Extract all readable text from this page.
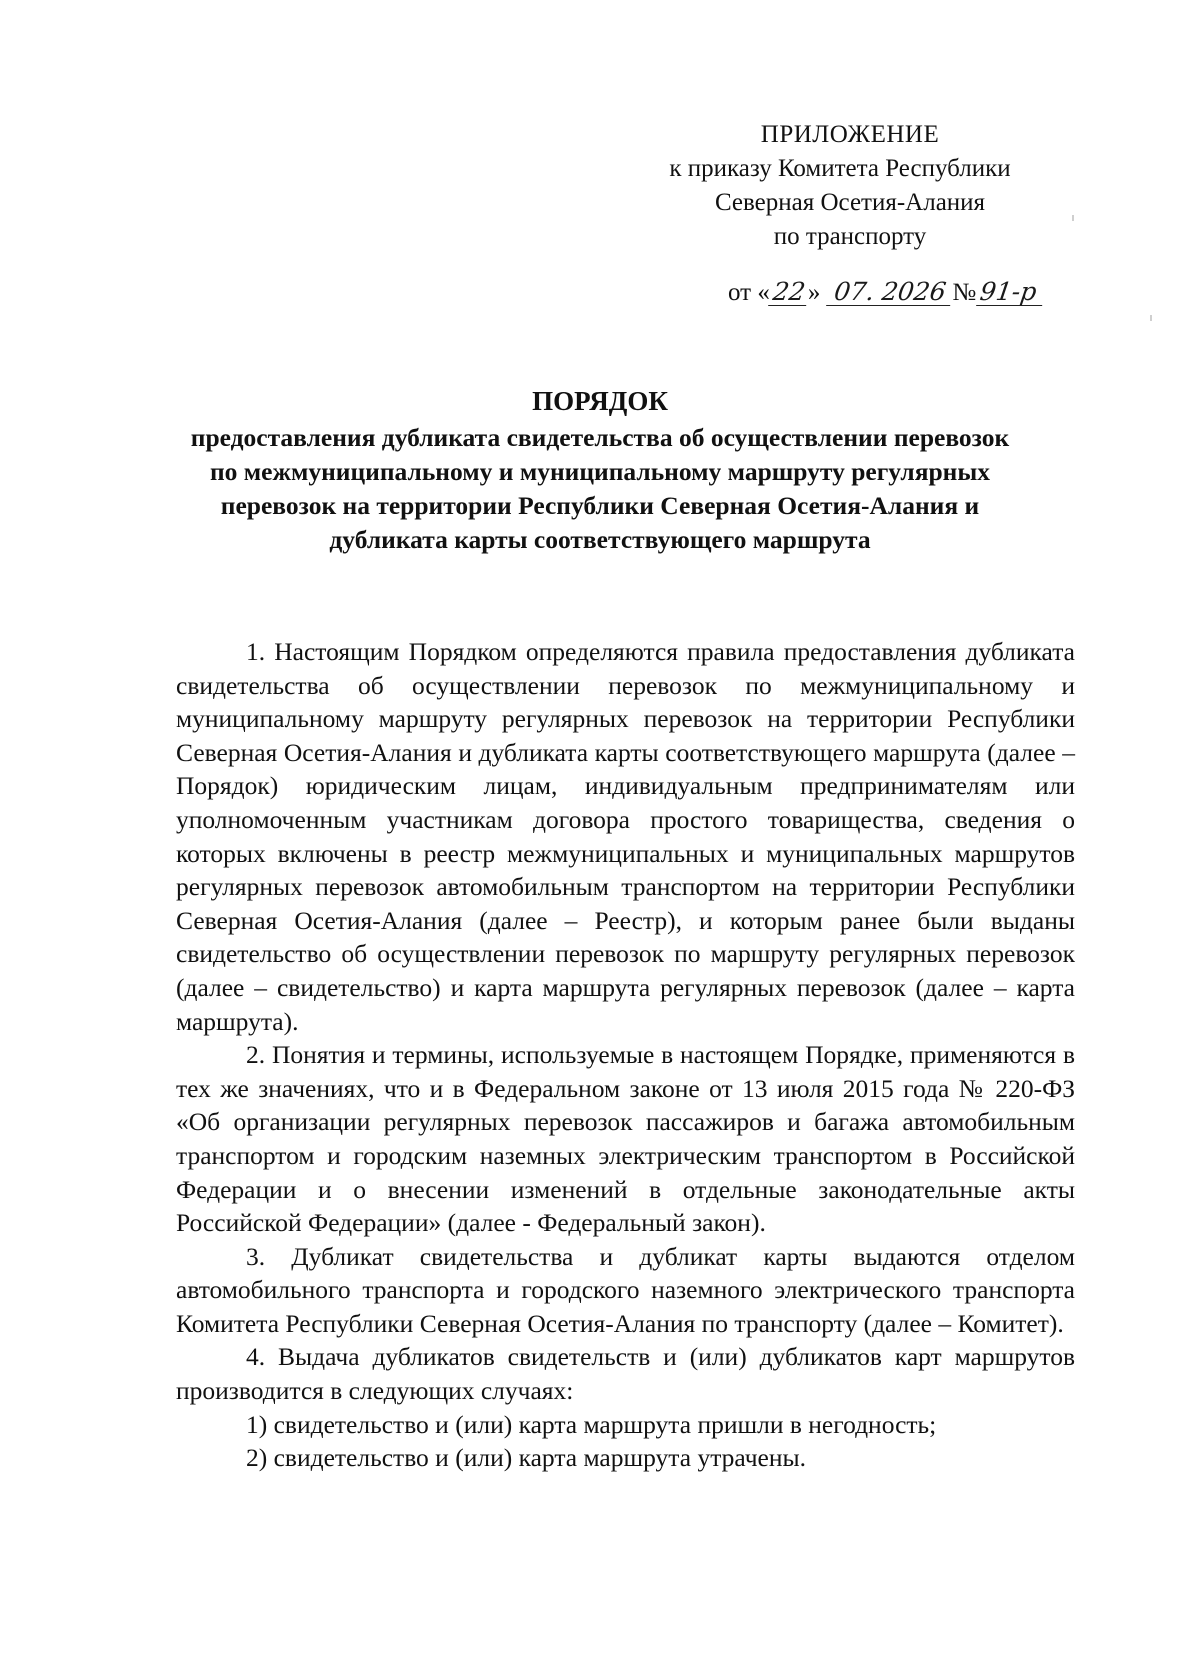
ПРИЛОЖЕНИЕ
к приказу Комитета Республики
Северная Осетия-Алания
по транспорту
от «22» 07. 2026 №91-р
ПОРЯДОК
предоставления дубликата свидетельства об осуществлении перевозок
по межмуниципальному и муниципальному маршруту регулярных
перевозок на территории Республики Северная Осетия-Алания и
дубликата карты соответствующего маршрута

1. Настоящим Порядком определяются правила предоставления дубликата свидетельства об осуществлении перевозок по межмуниципальному и муниципальному маршруту регулярных перевозок на территории Республики Северная Осетия-Алания и дубликата карты соответствующего маршрута (далее – Порядок) юридическим лицам, индивидуальным предпринимателям или уполномоченным участникам договора простого товарищества, сведения о которых включены в реестр межмуниципальных и муниципальных маршрутов регулярных перевозок автомобильным транспортом на территории Республики Северная Осетия-Алания (далее – Реестр), и которым ранее были выданы свидетельство об осуществлении перевозок по маршруту регулярных перевозок (далее – свидетельство) и карта маршрута регулярных перевозок (далее – карта маршрута).

2. Понятия и термины, используемые в настоящем Порядке, применяются в тех же значениях, что и в Федеральном законе от 13 июля 2015 года № 220-ФЗ «Об организации регулярных перевозок пассажиров и багажа автомобильным транспортом и городским наземных электрическим транспортом в Российской Федерации и о внесении изменений в отдельные законодательные акты Российской Федерации» (далее - Федеральный закон).

3. Дубликат свидетельства и дубликат карты выдаются отделом автомобильного транспорта и городского наземного электрического транспорта Комитета Республики Северная Осетия-Алания по транспорту (далее – Комитет).

4. Выдача дубликатов свидетельств и (или) дубликатов карт маршрутов производится в следующих случаях:

1) свидетельство и (или) карта маршрута пришли в негодность;

2) свидетельство и (или) карта маршрута утрачены.
